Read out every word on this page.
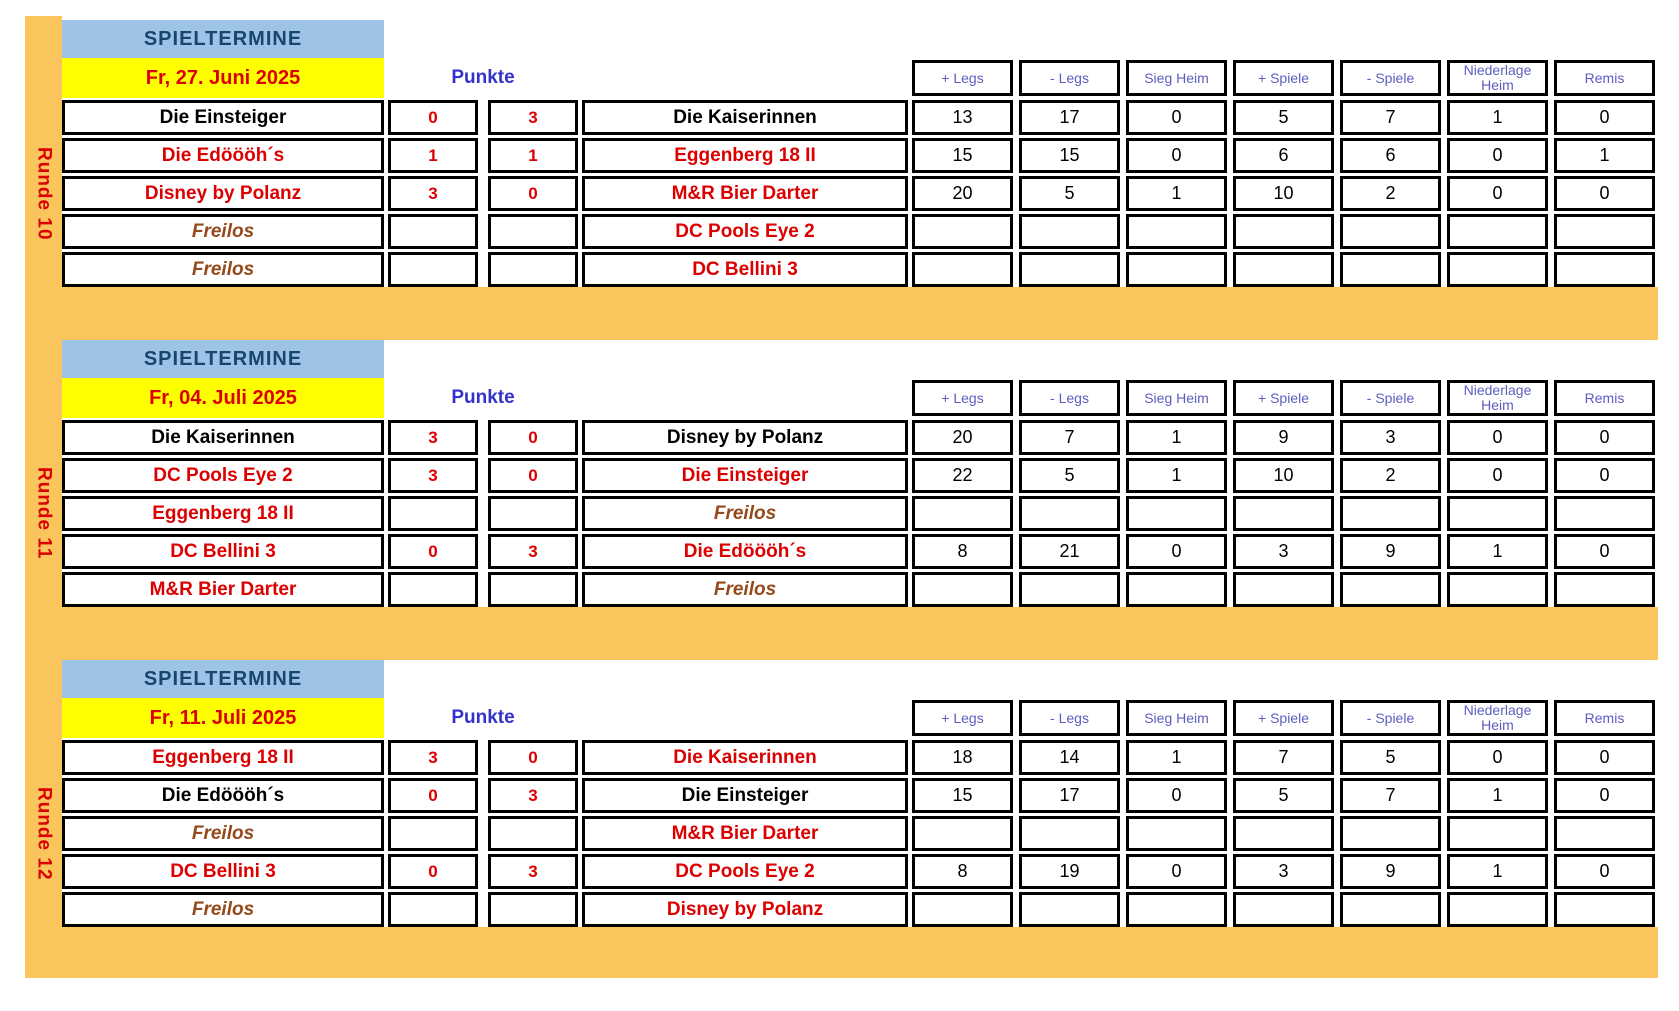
Runde 10
SPIELTERMINE
Fr, 27. Juni 2025	Punkte	+ Legs	- Legs	Sieg Heim	+ Spiele	- Spiele	Niederlage Heim	Remis
Die Einsteiger	0	3	Die Kaiserinnen	13	17	0	5	7	1	0
Die Edöööh´s	1	1	Eggenberg 18 II	15	15	0	6	6	0	1
Disney by Polanz	3	0	M&R Bier Darter	20	5	1	10	2	0	0
Freilos	DC Pools Eye 2
Freilos	DC Bellini 3
Runde 11
SPIELTERMINE
Fr, 04. Juli 2025	Punkte	+ Legs	- Legs	Sieg Heim	+ Spiele	- Spiele	Niederlage Heim	Remis
Die Kaiserinnen	3	0	Disney by Polanz	20	7	1	9	3	0	0
DC Pools Eye 2	3	0	Die Einsteiger	22	5	1	10	2	0	0
Eggenberg 18 II	Freilos
DC Bellini 3	0	3	Die Edöööh´s	8	21	0	3	9	1	0
M&R Bier Darter	Freilos
Runde 12
SPIELTERMINE
Fr, 11. Juli 2025	Punkte	+ Legs	- Legs	Sieg Heim	+ Spiele	- Spiele	Niederlage Heim	Remis
Eggenberg 18 II	3	0	Die Kaiserinnen	18	14	1	7	5	0	0
Die Edöööh´s	0	3	Die Einsteiger	15	17	0	5	7	1	0
Freilos	M&R Bier Darter
DC Bellini 3	0	3	DC Pools Eye 2	8	19	0	3	9	1	0
Freilos	Disney by Polanz
